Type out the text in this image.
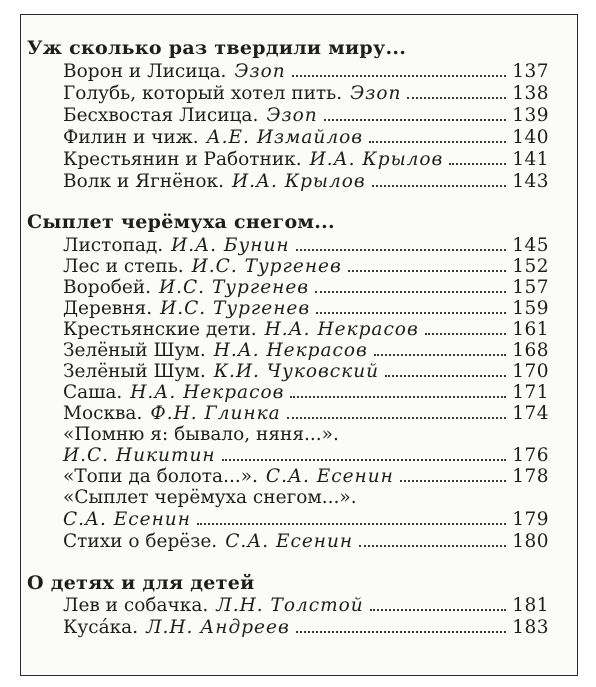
Уж сколько раз твердили миру...
Ворон и Лисица. Эзоп	137
Голубь, который хотел пить. Эзоп	138
Бесхвостая Лисица. Эзоп	139
Филин и чиж. А.Е. Измайлов	140
Крестьянин и Работник. И.А. Крылов	141
Волк и Ягнёнок. И.А. Крылов	143
Сыплет черёмуха снегом...
Листопад. И.А. Бунин	145
Лес и степь. И.С. Тургенев	152
Воробей. И.С. Тургенев	157
Деревня. И.С. Тургенев	159
Крестьянские дети. Н.А. Некрасов	161
Зелёный Шум. Н.А. Некрасов	168
Зелёный Шум. К.И. Чуковский	170
Саша. Н.А. Некрасов	171
Москва. Ф.Н. Глинка	174
«Помню я: бывало, няня...».
И.С. Никитин	176
«Топи да болота...». С.А. Есенин	178
«Сыплет черёмуха снегом...».
С.А. Есенин	179
Стихи о берёзе. С.А. Есенин	180
О детях и для детей
Лев и собачка. Л.Н. Толстой	181
Куса́ка. Л.Н. Андреев	183
